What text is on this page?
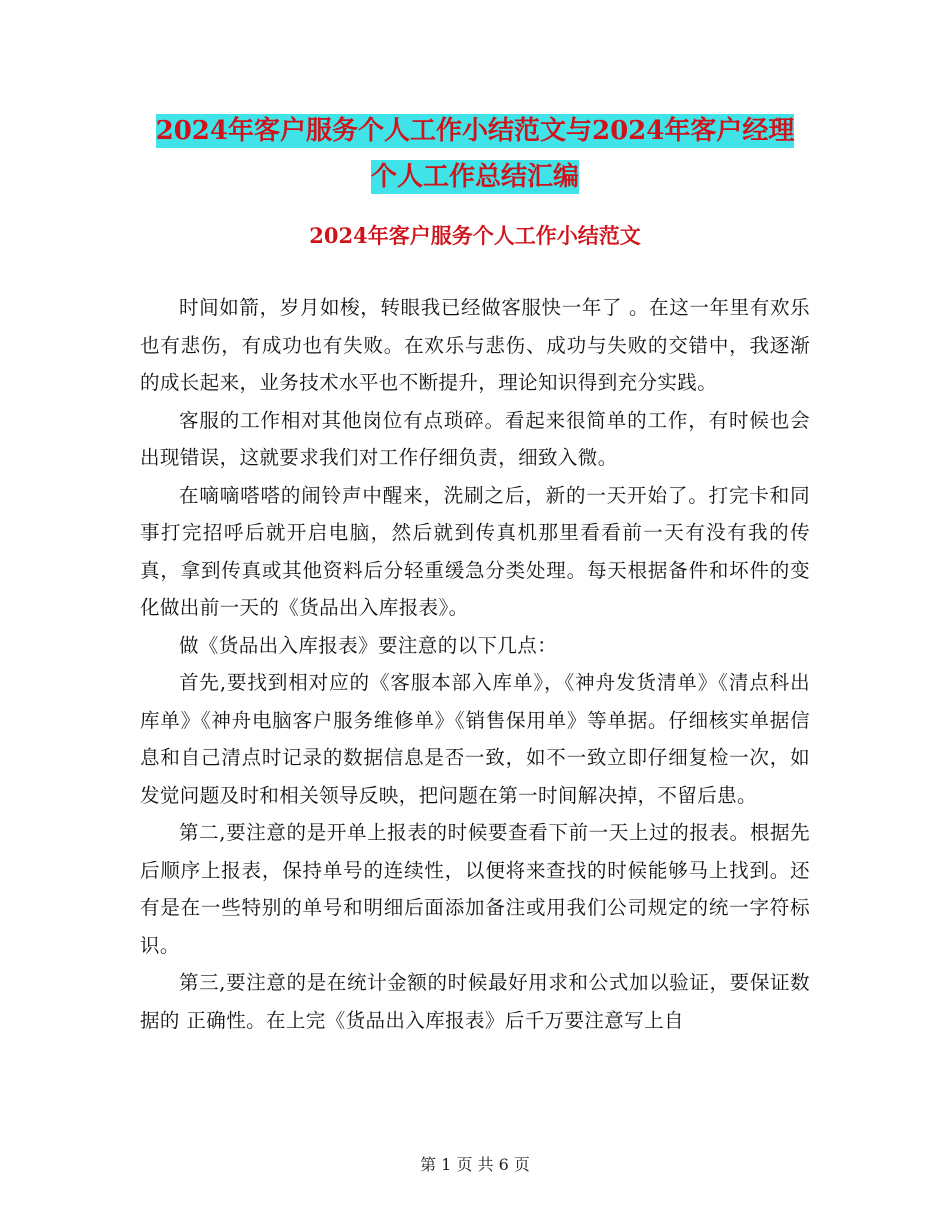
2024年客户服务个人工作小结范文与2024年客户经理
个人工作总结汇编
2024年客户服务个人工作小结范文

时间如箭，岁月如梭，转眼我已经做客服快一年了 。在这一年里有欢乐也有悲伤，有成功也有失败。在欢乐与悲伤、成功与失败的交错中，我逐渐的成长起来，业务技术水平也不断提升，理论知识得到充分实践。

客服的工作相对其他岗位有点琐碎。看起来很简单的工作，有时候也会出现错误，这就要求我们对工作仔细负责，细致入微。

在嘀嘀嗒嗒的闹铃声中醒来，洗刷之后，新的一天开始了。打完卡和同事打完招呼后就开启电脑，然后就到传真机那里看看前一天有没有我的传真，拿到传真或其他资料后分轻重缓急分类处理。每天根据备件和坏件的变化做出前一天的《货品出入库报表》。

做《货品出入库报表》要注意的以下几点：

首先,要找到相对应的《客服本部入库单》，《神舟发货清单》《清点科出库单》《神舟电脑客户服务维修单》《销售保用单》等单据。仔细核实单据信息和自己清点时记录的数据信息是否一致，如不一致立即仔细复检一次，如发觉问题及时和相关领导反映，把问题在第一时间解决掉，不留后患。

第二,要注意的是开单上报表的时候要查看下前一天上过的报表。根据先后顺序上报表，保持单号的连续性，以便将来查找的时候能够马上找到。还有是在一些特别的单号和明细后面添加备注或用我们公司规定的统一字符标识。

第三,要注意的是在统计金额的时候最好用求和公式加以验证，要保证数据的 正确性。在上完《货品出入库报表》后千万要注意写上自

第 1 页 共 6 页
